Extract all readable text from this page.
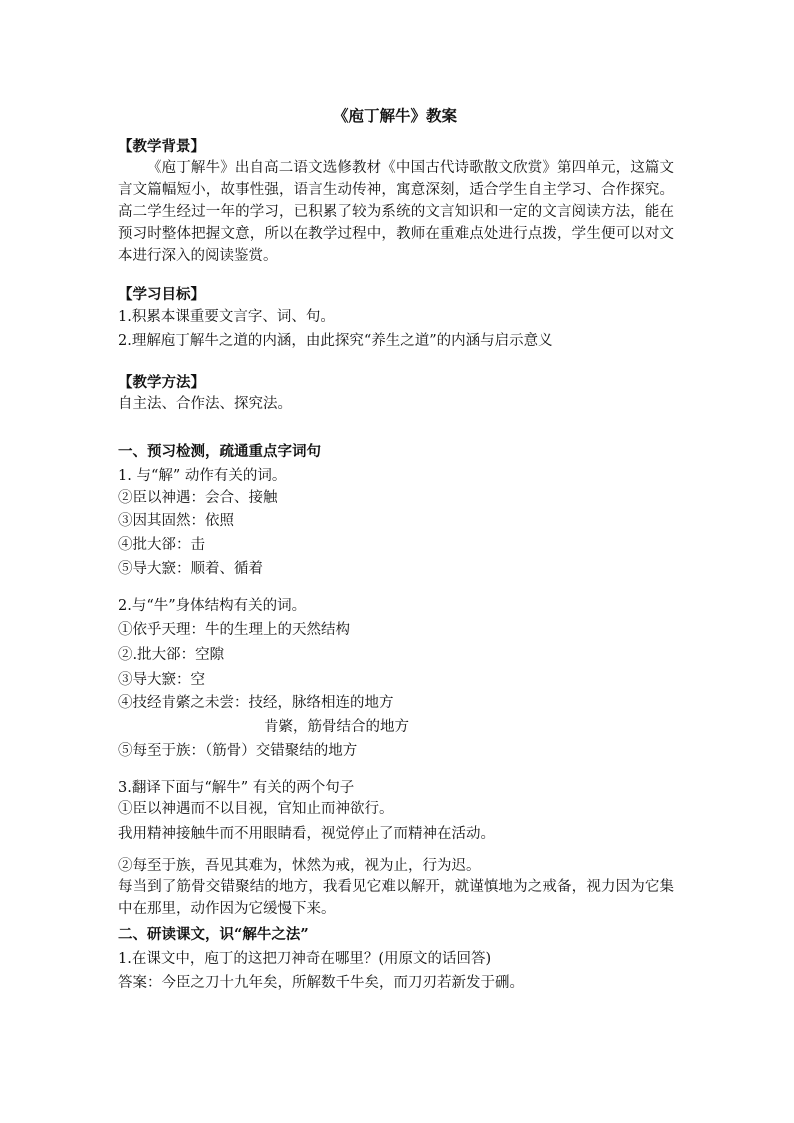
《庖丁解牛》教案
【教学背景】
《庖丁解牛》出自高二语文选修教材《中国古代诗歌散文欣赏》第四单元，这篇文言文篇幅短小，故事性强，语言生动传神，寓意深刻，适合学生自主学习、合作探究。高二学生经过一年的学习，已积累了较为系统的文言知识和一定的文言阅读方法，能在预习时整体把握文意，所以在教学过程中，教师在重难点处进行点拨，学生便可以对文本进行深入的阅读鉴赏。
【学习目标】
1.积累本课重要文言字、词、句。
2.理解庖丁解牛之道的内涵，由此探究“养生之道”的内涵与启示意义
【教学方法】
自主法、合作法、探究法。
一、预习检测，疏通重点字词句
1. 与“解” 动作有关的词。
②臣以神遇：会合、接触
③因其固然：依照
④批大郤：击
⑤导大窾：顺着、循着
2.与“牛”身体结构有关的词。
①依乎天理：牛的生理上的天然结构
②.批大郤：空隙
③导大窾：空
④技经肯綮之未尝：技经，脉络相连的地方
肯綮，筋骨结合的地方
⑤每至于族：（筋骨）交错聚结的地方
3.翻译下面与“解牛” 有关的两个句子
①臣以神遇而不以目视，官知止而神欲行。
我用精神接触牛而不用眼睛看，视觉停止了而精神在活动。
②每至于族，吾见其难为，怵然为戒，视为止，行为迟。
每当到了筋骨交错聚结的地方，我看见它难以解开，就谨慎地为之戒备，视力因为它集中在那里，动作因为它缓慢下来。
二、研读课文，识“解牛之法”
1.在课文中，庖丁的这把刀神奇在哪里？(用原文的话回答)
答案：今臣之刀十九年矣，所解数千牛矣，而刀刃若新发于硎。
